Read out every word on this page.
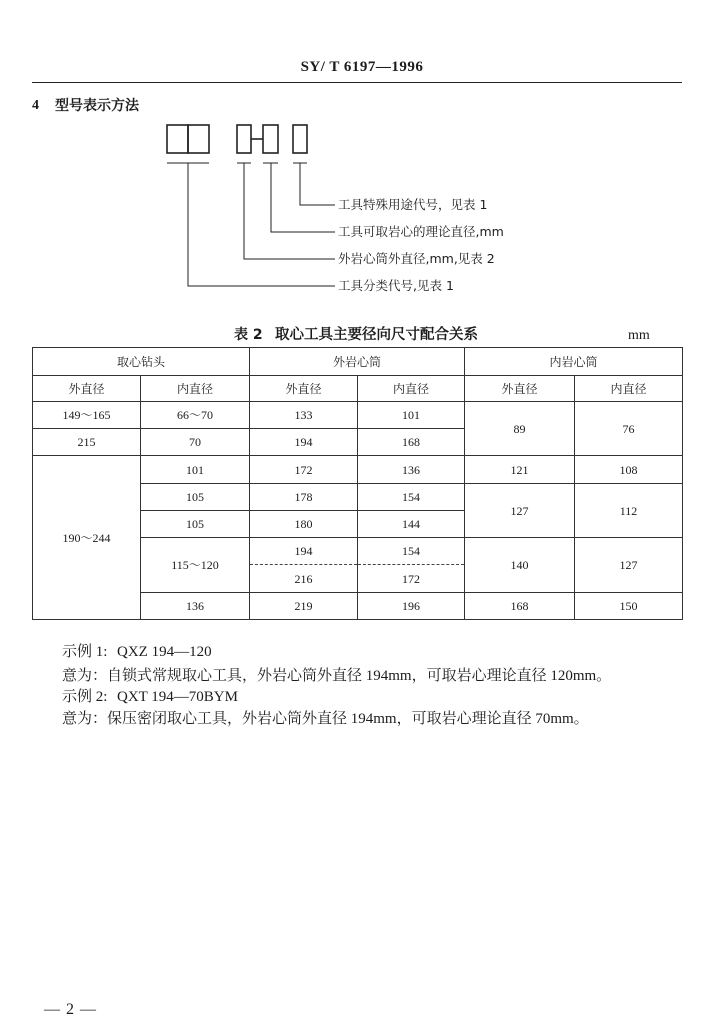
SY/ T 6197—1996
4 型号表示方法
工具特殊用途代号，见表 1
工具可取岩心的理论直径,mm
外岩心筒外直径,mm,见表 2
工具分类代号,见表 1
表 2 取心工具主要径向尺寸配合关系	mm
取心钻头		外岩心筒		内岩心筒	
外直径	内直径	外直径	内直径	外直径	内直径
149～165	66～70	133	101	89	76
215	70	194	168		
190～244	101	172	136	121	108
	105	178	154	127	112
	105	180	144		
	115～120	194	154	140	127
		216	172		
	136	219	196	168	150
示例 1: QXZ 194—120
意为：自锁式常规取心工具，外岩心筒外直径 194mm，可取岩心理论直径 120mm。
示例 2: QXT 194—70BYM
意为：保压密闭取心工具，外岩心筒外直径 194mm，可取岩心理论直径 70mm。
— 2 —
